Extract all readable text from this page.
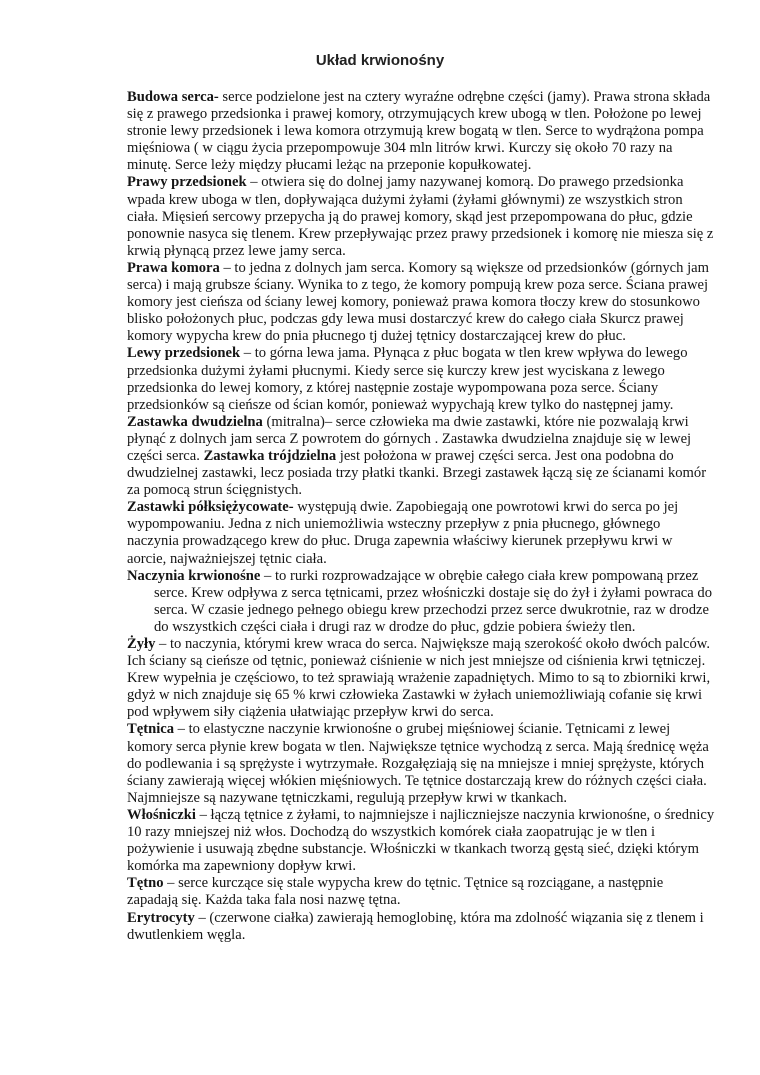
Układ krwionośny

Budowa serca- serce podzielone jest na cztery wyraźne odrębne części (jamy). Prawa strona składa się z prawego przedsionka i prawej komory, otrzymujących krew ubogą w tlen. Położone po lewej stronie lewy przedsionek i lewa komora otrzymują krew bogatą w tlen. Serce to wydrążona pompa mięśniowa ( w ciągu życia przepompowuje 304 mln litrów krwi. Kurczy się około 70 razy na minutę. Serce leży między płucami leżąc na przeponie kopułkowatej.

Prawy przedsionek – otwiera się do dolnej jamy nazywanej komorą. Do prawego przedsionka wpada krew uboga w tlen, dopływająca dużymi żyłami (żyłami głównymi) ze wszystkich stron ciała. Mięsień sercowy przepycha ją do prawej komory, skąd jest przepompowana do płuc, gdzie ponownie nasyca się tlenem. Krew przepływając przez prawy przedsionek i komorę nie miesza się z krwią płynącą przez lewe jamy serca.

Prawa komora – to jedna z dolnych jam serca. Komory są większe od przedsionków (górnych jam serca) i mają grubsze ściany. Wynika to z tego, że komory pompują krew poza serce. Ściana prawej komory jest cieńsza od ściany lewej komory, ponieważ prawa komora tłoczy krew do stosunkowo blisko położonych płuc, podczas gdy lewa musi dostarczyć krew do całego ciała Skurcz prawej komory wypycha krew do pnia płucnego tj dużej tętnicy dostarczającej krew do płuc.

Lewy przedsionek – to górna lewa jama. Płynąca z płuc bogata w tlen krew wpływa do lewego przedsionka dużymi żyłami płucnymi. Kiedy serce się kurczy krew jest wyciskana z lewego przedsionka do lewej komory, z której następnie zostaje wypompowana poza serce. Ściany przedsionków są cieńsze od ścian komór, ponieważ wypychają krew tylko do następnej jamy.

Zastawka dwudzielna (mitralna)– serce człowieka ma dwie zastawki, które nie pozwalają krwi płynąć z dolnych jam serca Z powrotem do górnych . Zastawka dwudzielna znajduje się w lewej części serca. Zastawka trójdzielna jest położona w prawej części serca. Jest ona podobna do dwudzielnej zastawki, lecz posiada trzy płatki tkanki. Brzegi zastawek łączą się ze ścianami komór za pomocą strun ścięgnistych.

Zastawki półksiężycowate- występują dwie. Zapobiegają one powrotowi krwi do serca po jej wypompowaniu. Jedna z nich uniemożliwia wsteczny przepływ z pnia płucnego, głównego naczynia prowadzącego krew do płuc. Druga zapewnia właściwy kierunek przepływu krwi w aorcie, najważniejszej tętnic ciała.

Naczynia krwionośne – to rurki rozprowadzające w obrębie całego ciała krew pompowaną przez serce. Krew odpływa z serca tętnicami, przez włośniczki dostaje się do żył i żyłami powraca do serca. W czasie jednego pełnego obiegu krew przechodzi przez serce dwukrotnie, raz w drodze do wszystkich części ciała i drugi raz w drodze do płuc, gdzie pobiera świeży tlen.

Żyły – to naczynia, którymi krew wraca do serca. Największe mają szerokość około dwóch palców. Ich ściany są cieńsze od tętnic, ponieważ ciśnienie w nich jest mniejsze od ciśnienia krwi tętniczej. Krew wypełnia je częściowo, to też sprawiają wrażenie zapadniętych. Mimo to są to zbiorniki krwi, gdyż w nich znajduje się 65 % krwi człowieka Zastawki w żyłach uniemożliwiają cofanie się krwi pod wpływem siły ciążenia ułatwiając przepływ krwi do serca.

Tętnica – to elastyczne naczynie krwionośne o grubej mięśniowej ścianie. Tętnicami z lewej komory serca płynie krew bogata w tlen. Największe tętnice wychodzą z serca. Mają średnicę węża do podlewania i są sprężyste i wytrzymałe. Rozgałęziają się na mniejsze i mniej sprężyste, których ściany zawierają więcej włókien mięśniowych. Te tętnice dostarczają krew do różnych części ciała. Najmniejsze są nazywane tętniczkami, regulują przepływ krwi w tkankach.

Włośniczki – łączą tętnice z żyłami, to najmniejsze i najliczniejsze naczynia krwionośne, o średnicy 10 razy mniejszej niż włos. Dochodzą do wszystkich komórek ciała zaopatrując je w tlen i pożywienie i usuwają zbędne substancje. Włośniczki w tkankach tworzą gęstą sieć, dzięki którym komórka ma zapewniony dopływ krwi.

Tętno – serce kurczące się stale wypycha krew do tętnic. Tętnice są rozciągane, a następnie zapadają się. Każda taka fala nosi nazwę tętna.

Erytrocyty – (czerwone ciałka) zawierają hemoglobinę, która ma zdolność wiązania się z tlenem i dwutlenkiem węgla.
